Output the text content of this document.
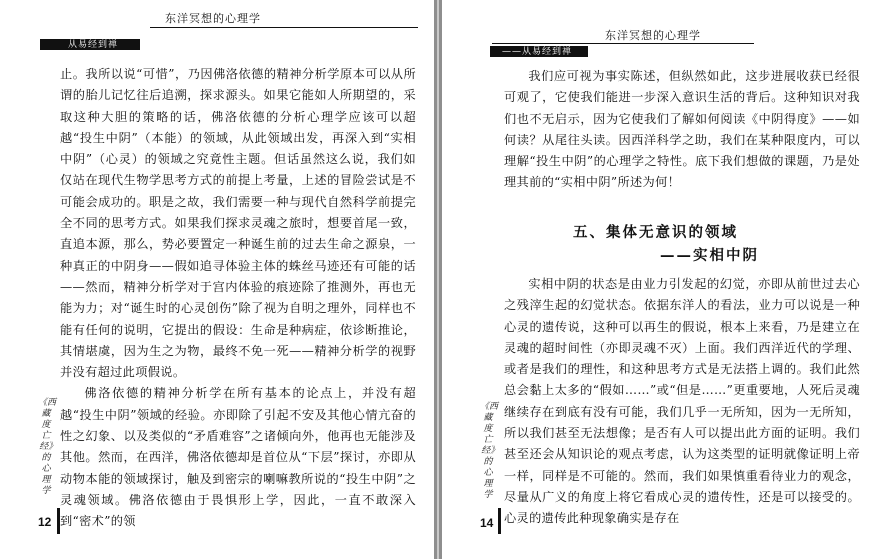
东洋冥想的心理学
从易经到禅

止。我所以说“可惜”，乃因佛洛依德的精神分析学原本可以从所谓的胎儿记忆往后追溯，探求源头。如果它能如人所期望的，采取这种大胆的策略的话，佛洛依德的分析心理学应该可以超越“投生中阴”（本能）的领域，从此领域出发，再深入到“实相中阴”（心灵）的领域之究竟性主题。但话虽然这么说，我们如仅站在现代生物学思考方式的前提上考量，上述的冒险尝试是不可能会成功的。职是之故，我们需要一种与现代自然科学前提完全不同的思考方式。如果我们探求灵魂之旅时，想要首尾一致，直追本源，那么，势必要置定一种诞生前的过去生命之源泉，一种真正的中阴身——假如追寻体验主体的蛛丝马迹还有可能的话——然而，精神分析学对于宫内体验的痕迹除了推测外，再也无能为力；对“诞生时的心灵创伤”除了视为自明之理外，同样也不能有任何的说明，它提出的假设：生命是种病症，依诊断推论，其情堪虞，因为生之为物，最终不免一死——精神分析学的视野并没有超过此项假说。

佛洛依德的精神分析学在所有基本的论点上，并没有超越“投生中阴”领域的经验。亦即除了引起不安及其他心情亢奋的性之幻象、以及类似的“矛盾难容”之诸倾向外，他再也无能涉及其他。然而，在西洋，佛洛依德却是首位从“下层”探讨，亦即从动物本能的领域探讨，触及到密宗的喇嘛教所说的“投生中阴”之灵魂领域。佛洛依德由于畏惧形上学，因此，一直不敢深入到“密术”的领

《西藏度亡经》的心理学
12
东洋冥想的心理学
——从易经到禅

我们应可视为事实陈述，但纵然如此，这步进展收获已经很可观了，它使我们能进一步深入意识生活的背后。这种知识对我们也不无启示，因为它使我们了解如何阅读《中阴得度》——如何读？从尾往头读。因西洋科学之助，我们在某种限度内，可以理解“投生中阴”的心理学之特性。底下我们想做的课题，乃是处理其前的“实相中阴”所述为何！

五、集体无意识的领域
——实相中阴

实相中阴的状态是由业力引发起的幻觉，亦即从前世过去心之残滓生起的幻觉状态。依据东洋人的看法，业力可以说是一种心灵的遗传说，这种可以再生的假说，根本上来看，乃是建立在灵魂的超时间性（亦即灵魂不灭）上面。我们西洋近代的学理、或者是我们的理性，和这种思考方式是无法搭上调的。我们此然总会黏上太多的“假如……”或“但是……”更重要地，人死后灵魂继续存在到底有没有可能，我们几乎一无所知，因为一无所知，所以我们甚至无法想像；是否有人可以提出此方面的证明。我们甚至还会从知识论的观点考虑，认为这类型的证明就像证明上帝一样，同样是不可能的。然而，我们如果慎重看待业力的观念，尽量从广义的角度上将它看成心灵的遗传性，还是可以接受的。心灵的遗传此种现象确实是存在

《西藏度亡经》的心理学
14
